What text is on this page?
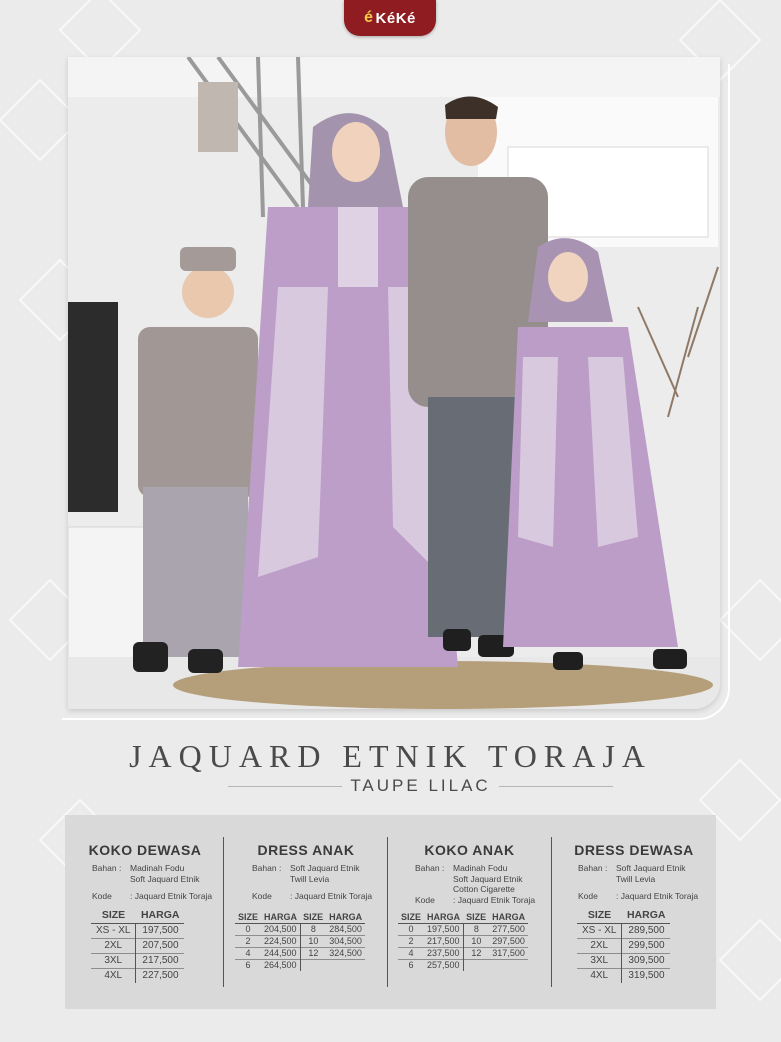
é KéKé
JAQUARD ETNIK TORAJA
TAUPE LILAC
KOKO DEWASA
Bahan :	Madinah Fodu
Soft Jaquard Etnik
Kode	: Jaquard Etnik Toraja
SIZE	HARGA
XS - XL	197,500
2XL	207,500
3XL	217,500
4XL	227,500
DRESS ANAK
Bahan :	Soft Jaquard Etnik
Twill Levia
Kode	: Jaquard Etnik Toraja
SIZE	HARGA	SIZE	HARGA
0	204,500	8	284,500
2	224,500	10	304,500
4	244,500	12	324,500
6	264,500		
KOKO ANAK
Bahan :	Madinah Fodu
Soft Jaquard Etnik
Cotton Cigarette
Kode	: Jaquard Etnik Toraja
SIZE	HARGA	SIZE	HARGA
0	197,500	8	277,500
2	217,500	10	297,500
4	237,500	12	317,500
6	257,500		
DRESS DEWASA
Bahan :	Soft Jaquard Etnik
Twill Levia
Kode	: Jaquard Etnik Toraja
SIZE	HARGA
XS - XL	289,500
2XL	299,500
3XL	309,500
4XL	319,500
